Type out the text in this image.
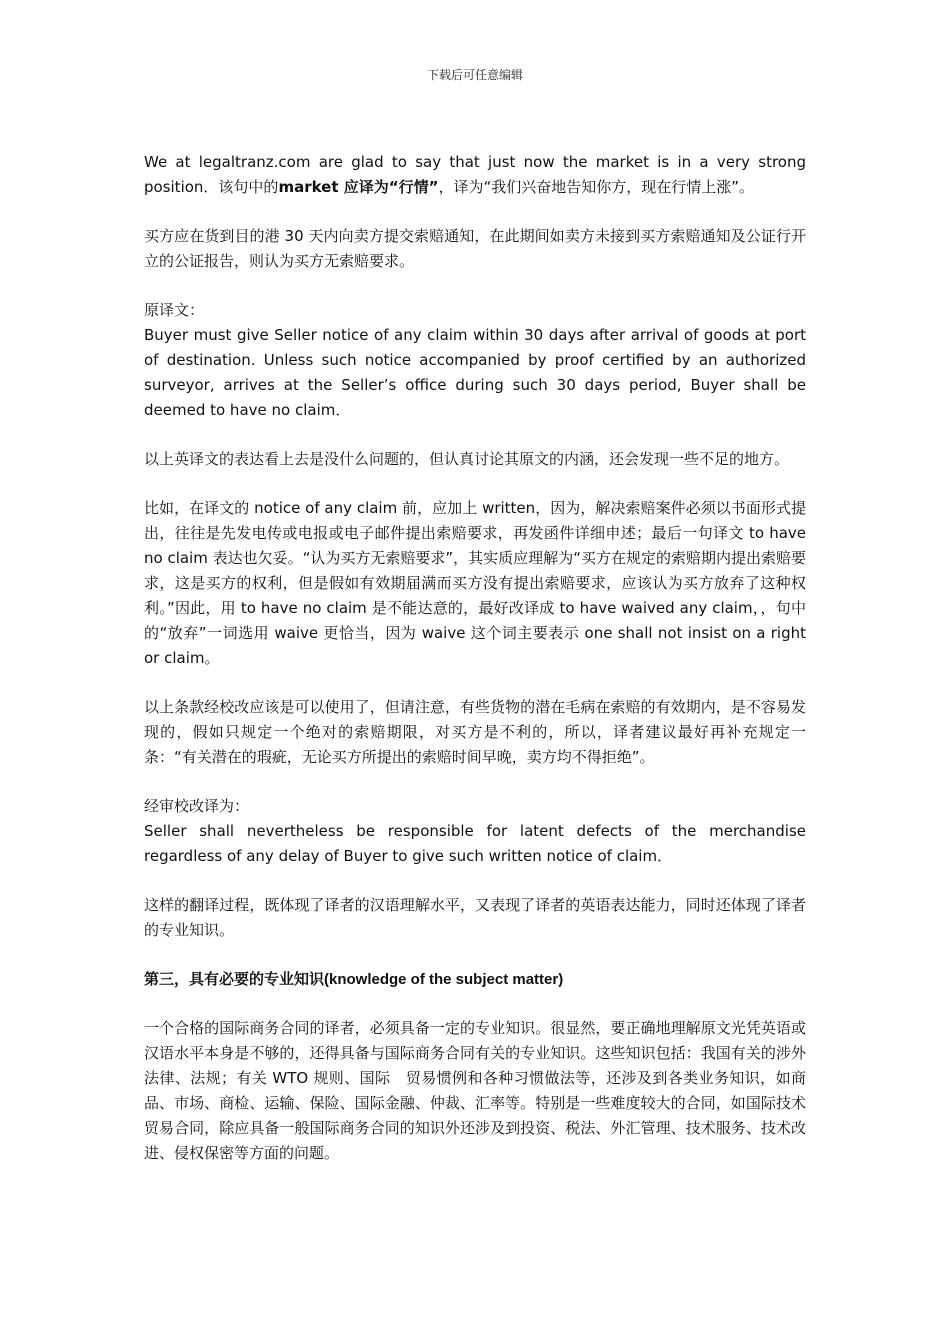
下载后可任意编辑

We at legaltranz.com are glad to say that just now the market is in a very strong position．该句中的market 应译为“行情”，译为“我们兴奋地告知你方，现在行情上涨”。

买方应在货到目的港 30 天内向卖方提交索赔通知，在此期间如卖方未接到买方索赔通知及公证行开立的公证报告，则认为买方无索赔要求。

原译文：
Buyer must give Seller notice of any claim within 30 days after arrival of goods at port of destination. Unless such notice accompanied by proof certified by an authorized surveyor, arrives at the Seller’s office during such 30 days period, Buyer shall be deemed to have no claim．

以上英译文的表达看上去是没什么问题的，但认真讨论其原文的内涵，还会发现一些不足的地方。

比如，在译文的 notice of any claim 前，应加上 written，因为，解决索赔案件必须以书面形式提出，往往是先发电传或电报或电子邮件提出索赔要求，再发函件详细申述；最后一句译文 to have no claim 表达也欠妥。“认为买方无索赔要求”，其实质应理解为“买方在规定的索赔期内提出索赔要求，这是买方的权利，但是假如有效期届满而买方没有提出索赔要求，应该认为买方放弃了这种权利。”因此，用 to have no claim 是不能达意的，最好改译成 to have waived any claim，，句中的“放弃”一词选用 waive 更恰当，因为 waive 这个词主要表示 one shall not insist on a right or claim。

以上条款经校改应该是可以使用了，但请注意，有些货物的潜在毛病在索赔的有效期内，是不容易发现的，假如只规定一个绝对的索赔期限，对买方是不利的，所以，译者建议最好再补充规定一条：“有关潜在的瑕疵，无论买方所提出的索赔时间早晚，卖方均不得拒绝”。

经审校改译为：
Seller shall nevertheless be responsible for latent defects of the merchandise regardless of any delay of Buyer to give such written notice of claim．

这样的翻译过程，既体现了译者的汉语理解水平，又表现了译者的英语表达能力，同时还体现了译者的专业知识。

第三，具有必要的专业知识(knowledge of the subject matter)

一个合格的国际商务合同的译者，必须具备一定的专业知识。很显然，要正确地理解原文光凭英语或汉语水平本身是不够的，还得具备与国际商务合同有关的专业知识。这些知识包括：我国有关的涉外法律、法规；有关 WTO 规则、国际　贸易惯例和各种习惯做法等，还涉及到各类业务知识，如商品、市场、商检、运输、保险、国际金融、仲裁、汇率等。特别是一些难度较大的合同，如国际技术贸易合同，除应具备一般国际商务合同的知识外还涉及到投资、税法、外汇管理、技术服务、技术改进、侵权保密等方面的问题。
